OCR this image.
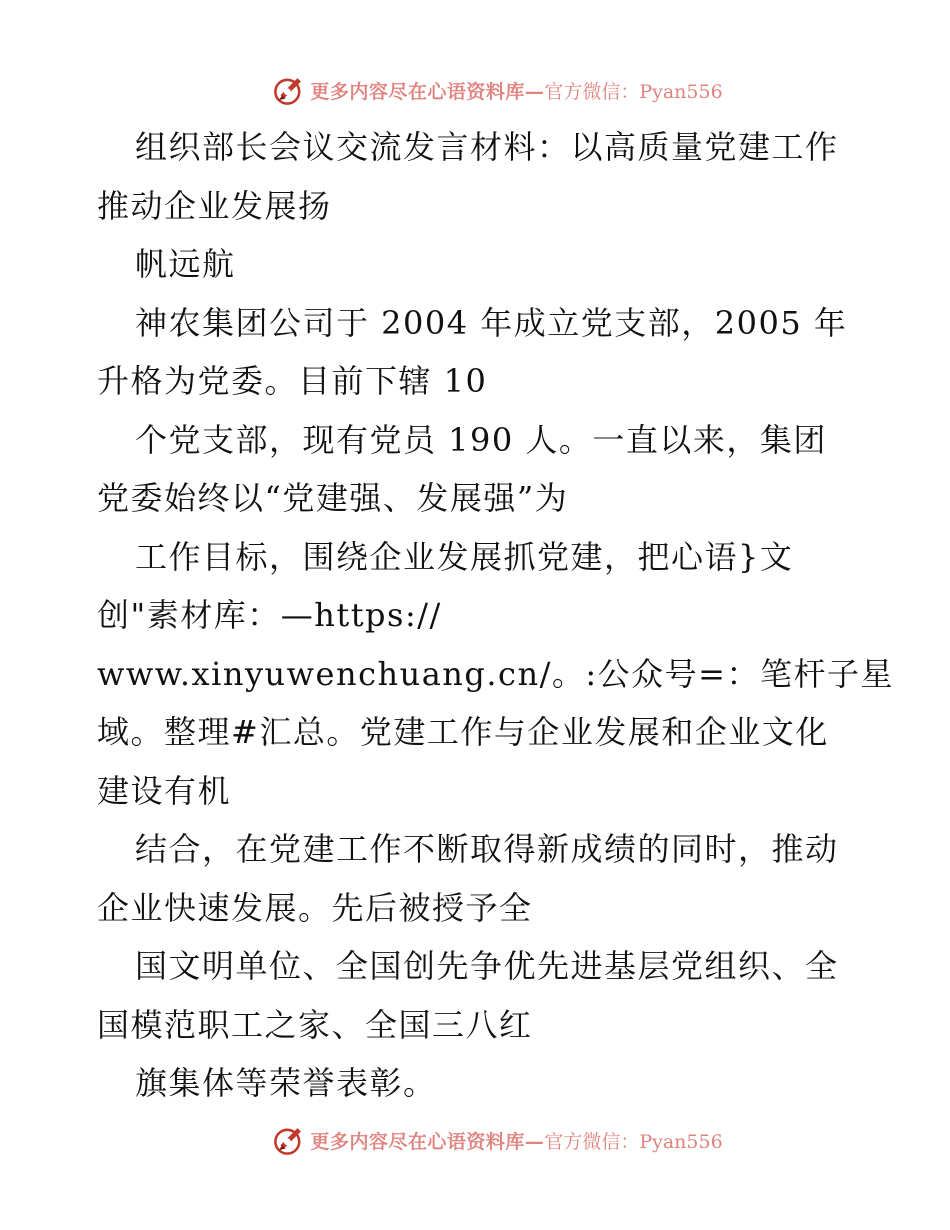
更多内容尽在心语资料库— 官方微信：Pyan556
组织部长会议交流发言材料：以高质量党建工作
推动企业发展扬
帆远航
神农集团公司于 2004 年成立党支部，2005 年
升格为党委。目前下辖 10
个党支部，现有党员 190 人。一直以来，集团
党委始终以“党建强、发展强”为
工作目标，围绕企业发展抓党建，把心语}文
创"素材库：—https://
www.xinyuwenchuang.cn/。:公众号=：笔杆子星
域。整理#汇总。党建工作与企业发展和企业文化
建设有机
结合，在党建工作不断取得新成绩的同时，推动
企业快速发展。先后被授予全
国文明单位、全国创先争优先进基层党组织、全
国模范职工之家、全国三八红
旗集体等荣誉表彰。
更多内容尽在心语资料库— 官方微信：Pyan556
